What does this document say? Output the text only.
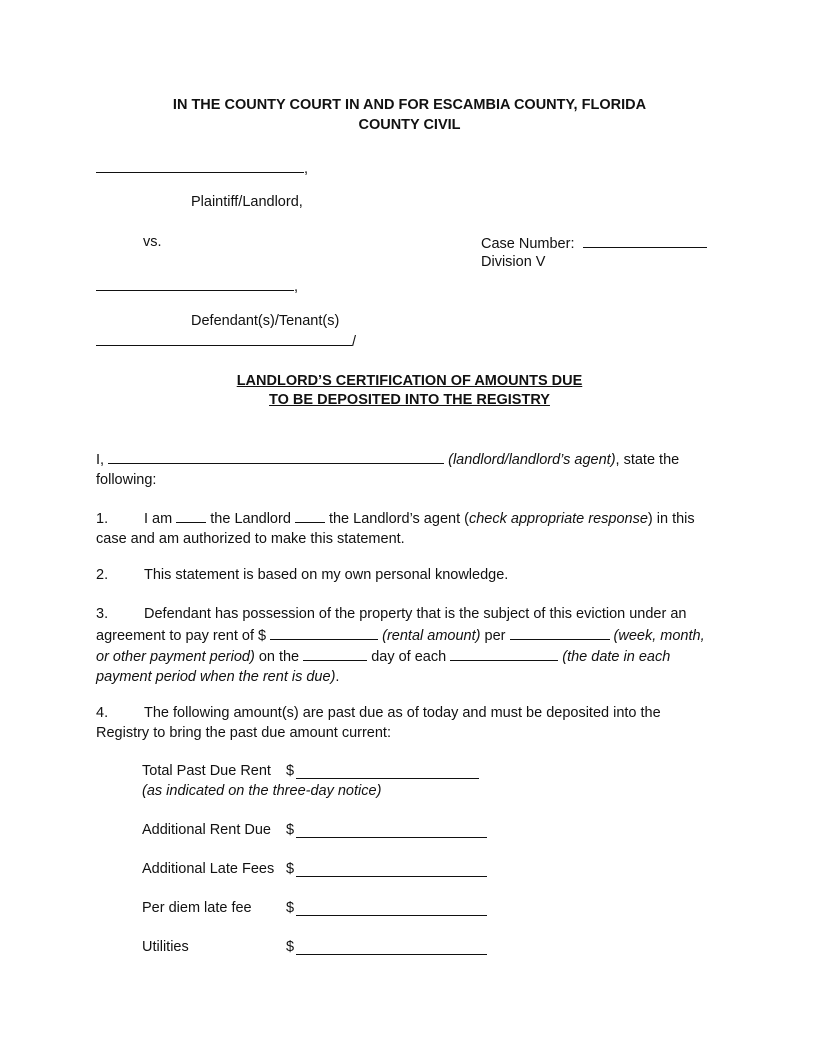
IN THE COUNTY COURT IN AND FOR ESCAMBIA COUNTY, FLORIDA
COUNTY CIVIL
,
Plaintiff/Landlord,
vs.	Case Number:
Division V
,
Defendant(s)/Tenant(s)
/
LANDLORD’S CERTIFICATION OF AMOUNTS DUE
TO BE DEPOSITED INTO THE REGISTRY
I,	(landlord/landlord’s agent), state the following:
1. I am	the Landlord	the Landlord’s agent (check appropriate response) in this case and am authorized to make this statement.
2. This statement is based on my own personal knowledge.
3. Defendant has possession of the property that is the subject of this eviction under an agreement to pay rent of $	(rental amount) per	(week, month, or other payment period) on the	day of each	(the date in each payment period when the rent is due).
4. The following amount(s) are past due as of today and must be deposited into the Registry to bring the past due amount current:
Total Past Due Rent $
(as indicated on the three-day notice)
Additional Rent Due $
Additional Late Fees $
Per diem late fee $
Utilities	$
